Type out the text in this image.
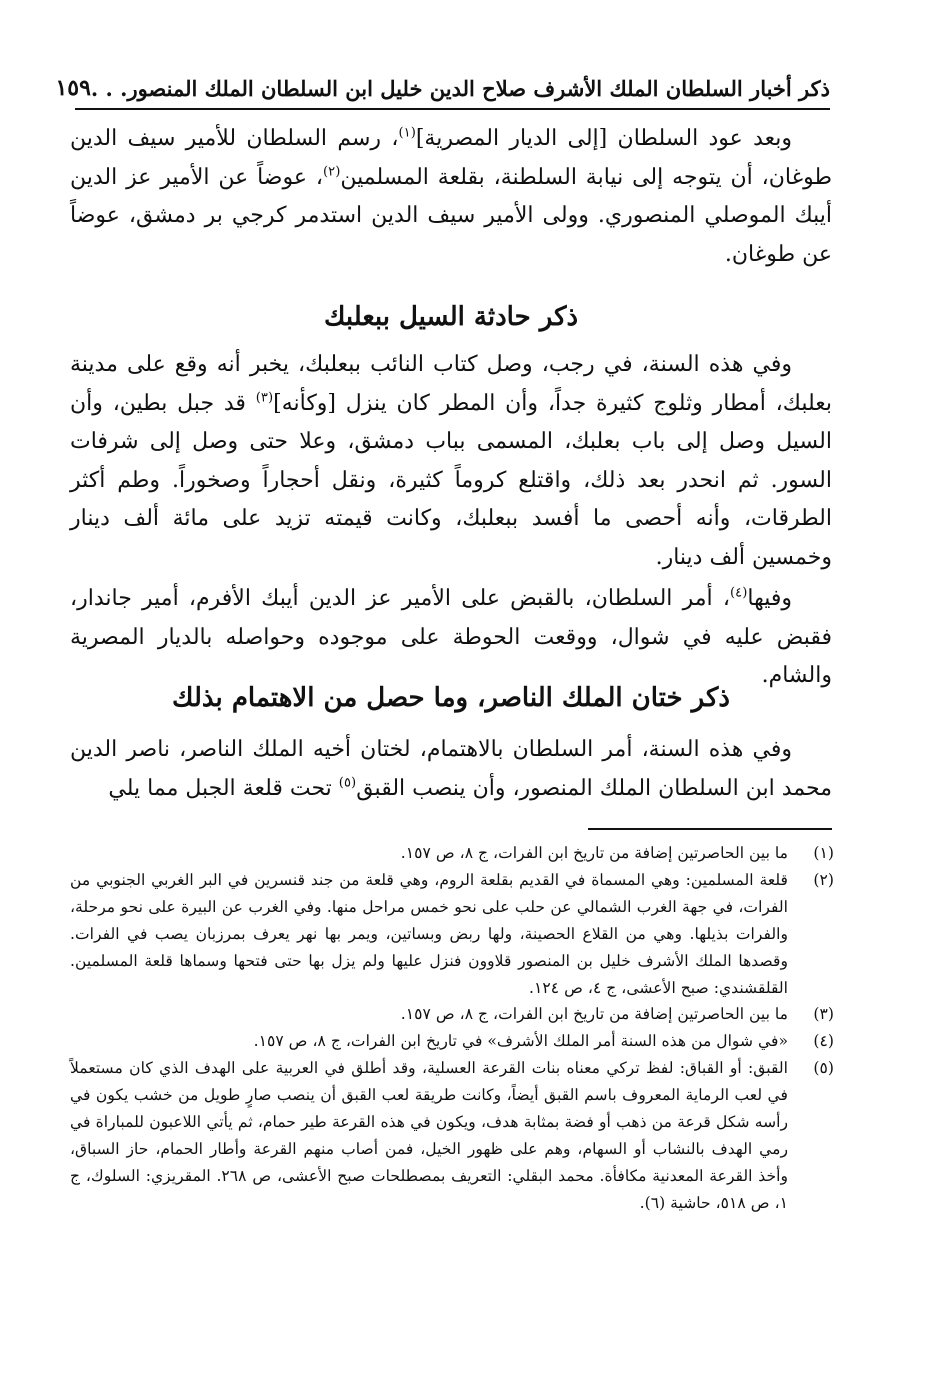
ذكر أخبار السلطان الملك الأشرف صلاح الدين خليل ابن السلطان الملك المنصور. . .
١٥٩

وبعد عود السلطان [إلى الديار المصرية]$^{(١)}$، رسم السلطان للأمير سيف الدين طوغان، أن يتوجه إلى نيابة السلطنة، بقلعة المسلمين$^{(٢)}$، عوضاً عن الأمير عز الدين أيبك الموصلي المنصوري. وولى الأمير سيف الدين استدمر كرجي بر دمشق، عوضاً عن طوغان.

ذكر حادثة السيل ببعلبك

وفي هذه السنة، في رجب، وصل كتاب النائب ببعلبك، يخبر أنه وقع على مدينة بعلبك، أمطار وثلوج كثيرة جداً، وأن المطر كان ينزل [وكأنه]$^{(٣)}$ قد جبل بطين، وأن السيل وصل إلى باب بعلبك، المسمى بباب دمشق، وعلا حتى وصل إلى شرفات السور. ثم انحدر بعد ذلك، واقتلع كروماً كثيرة، ونقل أحجاراً وصخوراً. وطم أكثر الطرقات، وأنه أحصى ما أفسد ببعلبك، وكانت قيمته تزيد على مائة ألف دينار وخمسين ألف دينار.

وفيها$^{(٤)}$، أمر السلطان، بالقبض على الأمير عز الدين أيبك الأفرم، أمير جاندار، فقبض عليه في شوال، ووقعت الحوطة على موجوده وحواصله بالديار المصرية والشام.

ذكر ختان الملك الناصر، وما حصل من الاهتمام بذلك

وفي هذه السنة، أمر السلطان بالاهتمام، لختان أخيه الملك الناصر، ناصر الدين محمد ابن السلطان الملك المنصور، وأن ينصب القبق$^{(٥)}$ تحت قلعة الجبل مما يلي

(١)
ما بين الحاصرتين إضافة من تاريخ ابن الفرات، ج ٨، ص ١٥٧.
(٢)
قلعة المسلمين: وهي المسماة في القديم بقلعة الروم، وهي قلعة من جند قنسرين في البر الغربي الجنوبي من الفرات، في جهة الغرب الشمالي عن حلب على نحو خمس مراحل منها. وفي الغرب عن البيرة على نحو مرحلة، والفرات بذيلها. وهي من القلاع الحصينة، ولها ربض وبساتين، ويمر بها نهر يعرف بمرزبان يصب في الفرات. وقصدها الملك الأشرف خليل بن المنصور قلاوون فنزل عليها ولم يزل بها حتى فتحها وسماها قلعة المسلمين. القلقشندي: صبح الأعشى، ج ٤، ص ١٢٤.
(٣)
ما بين الحاصرتين إضافة من تاريخ ابن الفرات، ج ٨، ص ١٥٧.
(٤)
«في شوال من هذه السنة أمر الملك الأشرف» في تاريخ ابن الفرات، ج ٨، ص ١٥٧.
(٥)
القبق: أو القباق: لفظ تركي معناه بنات القرعة العسلية، وقد أطلق في العربية على الهدف الذي كان مستعملاً في لعب الرماية المعروف باسم القبق أيضاً، وكانت طريقة لعب القبق أن ينصب صارٍ طويل من خشب يكون في رأسه شكل قرعة من ذهب أو فضة بمثابة هدف، ويكون في هذه القرعة طير حمام، ثم يأتي اللاعبون للمباراة في رمي الهدف بالنشاب أو السهام، وهم على ظهور الخيل، فمن أصاب منهم القرعة وأطار الحمام، حاز السباق، وأخذ القرعة المعدنية مكافأة. محمد البقلي: التعريف بمصطلحات صبح الأعشى، ص ٢٦٨. المقريزي: السلوك، ج ١، ص ٥١٨، حاشية (٦).
